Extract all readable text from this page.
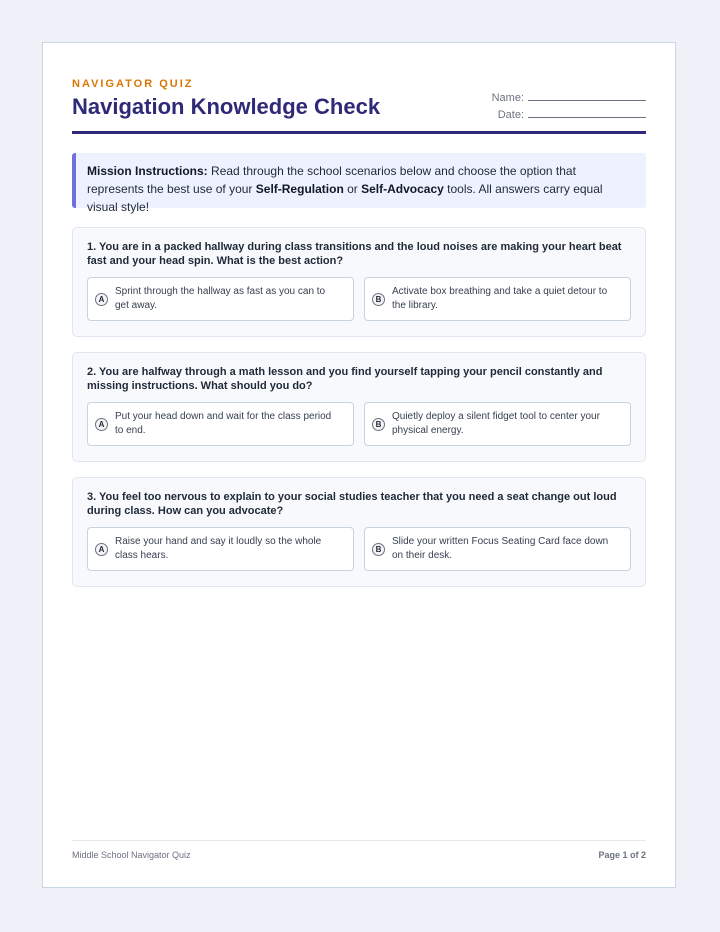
NAVIGATOR QUIZ
Navigation Knowledge Check	Name:
Date:
Mission Instructions: Read through the school scenarios below and choose the option that represents the best use of your Self-Regulation or Self-Advocacy tools. All answers carry equal visual style!
1. You are in a packed hallway during class transitions and the loud noises are making your heart beat fast and your head spin. What is the best action?
A
Sprint through the hallway as fast as you can to get away.
B
Activate box breathing and take a quiet detour to the library.
2. You are halfway through a math lesson and you find yourself tapping your pencil constantly and missing instructions. What should you do?
A
Put your head down and wait for the class period to end.
B
Quietly deploy a silent fidget tool to center your physical energy.
3. You feel too nervous to explain to your social studies teacher that you need a seat change out loud during class. How can you advocate?
A
Raise your hand and say it loudly so the whole class hears.
B
Slide your written Focus Seating Card face down on their desk.
Middle School Navigator Quiz	Page 1 of 2
